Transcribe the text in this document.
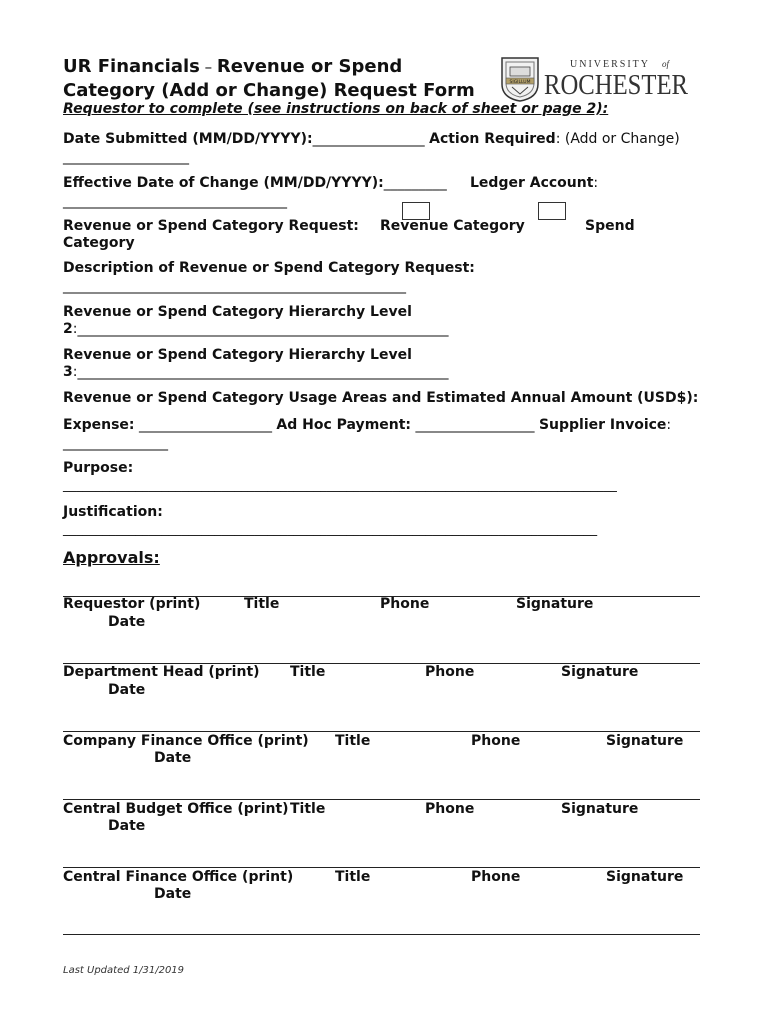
UR Financials – Revenue or Spend
Category (Add or Change) Request Form
Requestor to complete (see instructions on back of sheet or page 2):
SIGILLUM
UNIVERSITY of
ROCHESTER
Date Submitted (MM/DD/YYYY):________________ Action Required: (Add or Change)
__________________
Effective Date of Change (MM/DD/YYYY):_________ Ledger Account:
________________________________
Revenue or Spend Category Request: Revenue Category	Spend
Category
Description of Revenue or Spend Category Request:
_________________________________________________
Revenue or Spend Category Hierarchy Level
2:_____________________________________________________
Revenue or Spend Category Hierarchy Level
3:_____________________________________________________
Revenue or Spend Category Usage Areas and Estimated Annual Amount (USD$):
Expense: ___________________ Ad Hoc Payment: _________________ Supplier Invoice:
_______________
Purpose:
____________________________________________________________________________________
Justification:
_________________________________________________________________________________
Approvals:
Requestor (print)	Title	Phone	Signature
Date
Department Head (print) Title	Phone	Signature
Date
Company Finance Office (print) Title	Phone	Signature
Date
Central Budget Office (print) Title	Phone	Signature
Date
Central Finance Office (print)	Title	Phone	Signature
Date
Last Updated 1/31/2019
